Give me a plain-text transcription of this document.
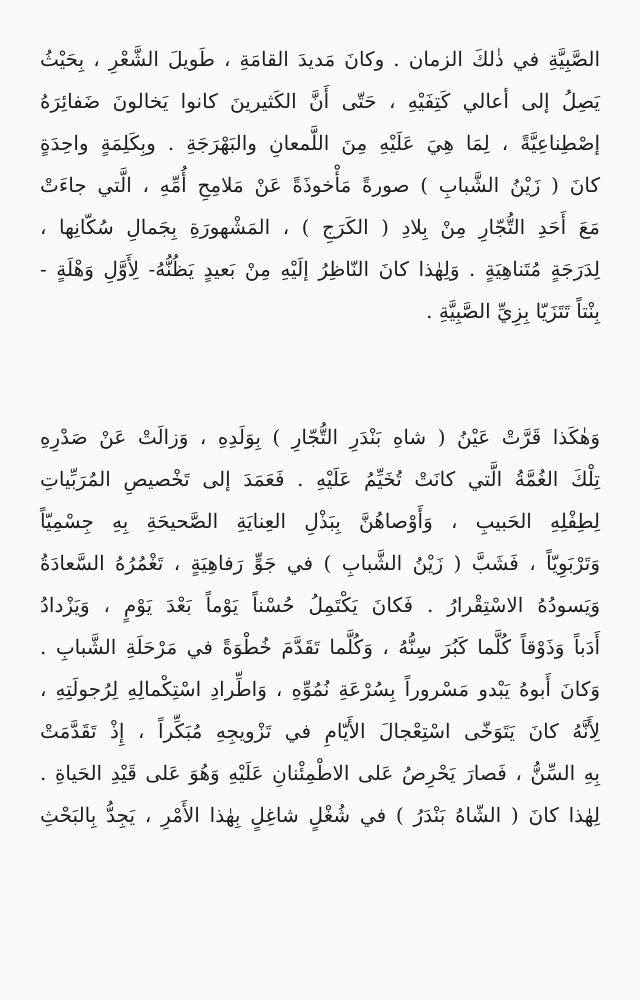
الصَّبِيَّةِ في ذٰلكَ الزمان . وكانَ مَديدَ القامَةِ ، طَويلَ الشَّعْرِ ، بِحَيْثُ
يَصِلُ إلى أعالي كَتِفَيْهِ ، حَتّى أَنَّ الكَثيرينَ كانوا يَخالونَ ضَفائِرَهُ
إصْطِناعِيَّةً ، لِمَا هِيَ عَلَيْهِ مِنَ اللَّمعانِ والبَهْرَجَةِ . وبِكَلِمَةٍ واحِدَةٍ
كانَ ( زَيْنُ الشَّبابِ ) صورةً مَأْخوذَةً عَنْ مَلامِحِ أُمِّهِ ، الَّتي جاءَتْ
مَعَ أَحَدِ التُّجّارِ مِنْ بِلادِ ( الكَرَجِ ) ، المَشْهورَةِ بِجَمالِ سُكّانِها ،
لِدَرَجَةٍ مُتَناهِيَةٍ . وَلِهٰذا كانَ النّاظِرُ إلَيْهِ مِنْ بَعيدٍ يَظُنُّهُ- لِأَوَّلِ وَهْلَةٍ -
بِنْتاً تَتَزَيّا بِزِيِّ الصَّبِيَّةِ .
وَهٰكَذا قَرَّتْ عَيْنُ ( شاهِ بَنْدَرِ التُّجّارِ ) بِوَلَدِهِ ، وَزالَتْ عَنْ صَدْرِهِ
تِلْكَ الغُمَّةُ الَّتي كانَتْ تُخَيِّمُ عَلَيْهِ . فَعَمَدَ إلى تَخْصيصِ المُرَبِّياتِ
لِطِفْلِهِ الحَبيبِ ، وَأَوْصاهُنَّ بِبَذْلِ العِنايَةِ الصَّحيحَةِ بِهِ جِسْمِيّاً
وَتَرْبَوِيّاً ، فَشَبَّ ( زَيْنُ الشَّبابِ ) في جَوٍّ رَفاهِيَةٍ ، تَغْمُرُهُ السَّعادَةُ
وَيَسودُهُ الاسْتِقْرارُ . فَكانَ يَكْتَمِلُ حُسْناً يَوْماً بَعْدَ يَوْمٍ ، وَيَزْدادُ
أَدَباً وَذَوْقاً كُلَّما كَبُرَ سِنُّهُ ، وَكُلَّما تَقَدَّمَ خُطْوَةً في مَرْحَلَةِ الشَّبابِ .
وَكانَ أَبوهُ يَبْدو مَسْروراً بِسُرْعَةِ نُمُوِّهِ ، وَاطِّرادِ اسْتِكْمالِهِ لِرُجولَتِهِ ،
لِأَنَّهُ كانَ يَتَوَخّى اسْتِعْجالَ الأَيّامِ في تَزْويجِهِ مُبَكِّراً ، إِذْ تَقَدَّمَتْ
بِهِ السِّنُّ ، فَصارَ يَحْرِصُ عَلى الاطْمِئْنانِ عَلَيْهِ وَهُوَ عَلى قَيْدِ الحَياةِ .
لِهٰذا كانَ ( الشّاهُ بَنْدَرُ ) في شُغْلٍ شاغِلٍ بِهٰذا الأَمْرِ ، يَجِدُّ بِالبَحْثِ
